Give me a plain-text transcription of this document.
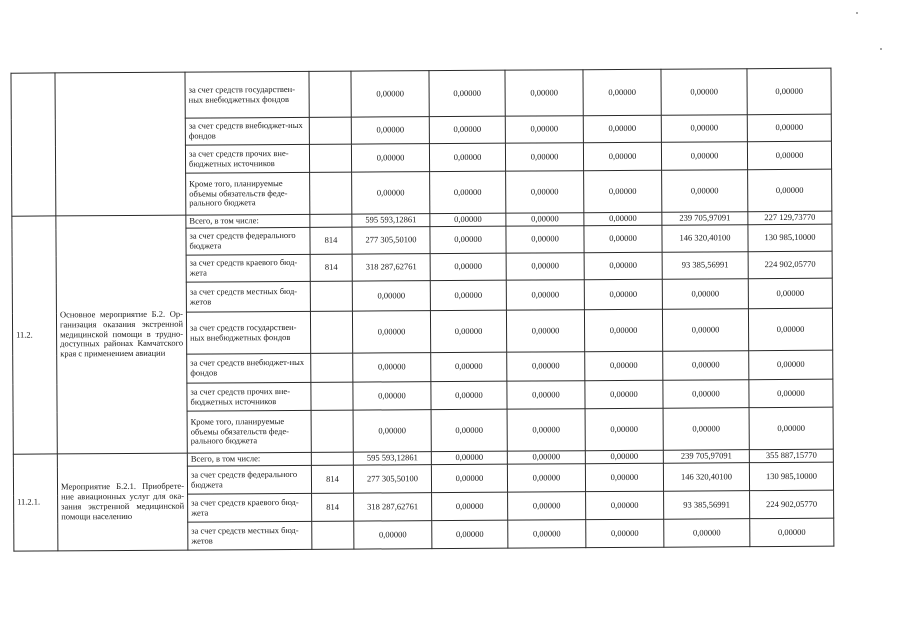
		за счет средств государствен-ных внебюджетных фондов		0,00000	0,00000	0,00000	0,00000	0,00000	0,00000
		за счет средств внебюджет-ных фондов		0,00000	0,00000	0,00000	0,00000	0,00000	0,00000
		за счет средств прочих вне-бюджетных источников		0,00000	0,00000	0,00000	0,00000	0,00000	0,00000
		Кроме того, планируемые объемы обязательств феде-рального бюджета		0,00000	0,00000	0,00000	0,00000	0,00000	0,00000
11.2.	Основное мероприятие Б.2. Ор-ганизация оказания экстренной медицинской помощи в трудно-доступных районах Камчатского края с применением авиации	Всего, в том числе:		595 593,12861	0,00000	0,00000	0,00000	239 705,97091	227 129,73770
		за счет средств федерального бюджета	814	277 305,50100	0,00000	0,00000	0,00000	146 320,40100	130 985,10000
		за счет средств краевого бюд-жета	814	318 287,62761	0,00000	0,00000	0,00000	93 385,56991	224 902,05770
		за счет средств местных бюд-жетов		0,00000	0,00000	0,00000	0,00000	0,00000	0,00000
		за счет средств государствен-ных внебюджетных фондов		0,00000	0,00000	0,00000	0,00000	0,00000	0,00000
		за счет средств внебюджет-ных фондов		0,00000	0,00000	0,00000	0,00000	0,00000	0,00000
		за счет средств прочих вне-бюджетных источников		0,00000	0,00000	0,00000	0,00000	0,00000	0,00000
		Кроме того, планируемые объемы обязательств феде-рального бюджета		0,00000	0,00000	0,00000	0,00000	0,00000	0,00000
11.2.1.	Мероприятие Б.2.1. Приобрете-ние авиационных услуг для ока-зания экстренной медицинской помощи населению	Всего, в том числе:		595 593,12861	0,00000	0,00000	0,00000	239 705,97091	355 887,15770
		за счет средств федерального бюджета	814	277 305,50100	0,00000	0,00000	0,00000	146 320,40100	130 985,10000
		за счет средств краевого бюд-жета	814	318 287,62761	0,00000	0,00000	0,00000	93 385,56991	224 902,05770
		за счет средств местных бюд-жетов		0,00000	0,00000	0,00000	0,00000	0,00000	0,00000
